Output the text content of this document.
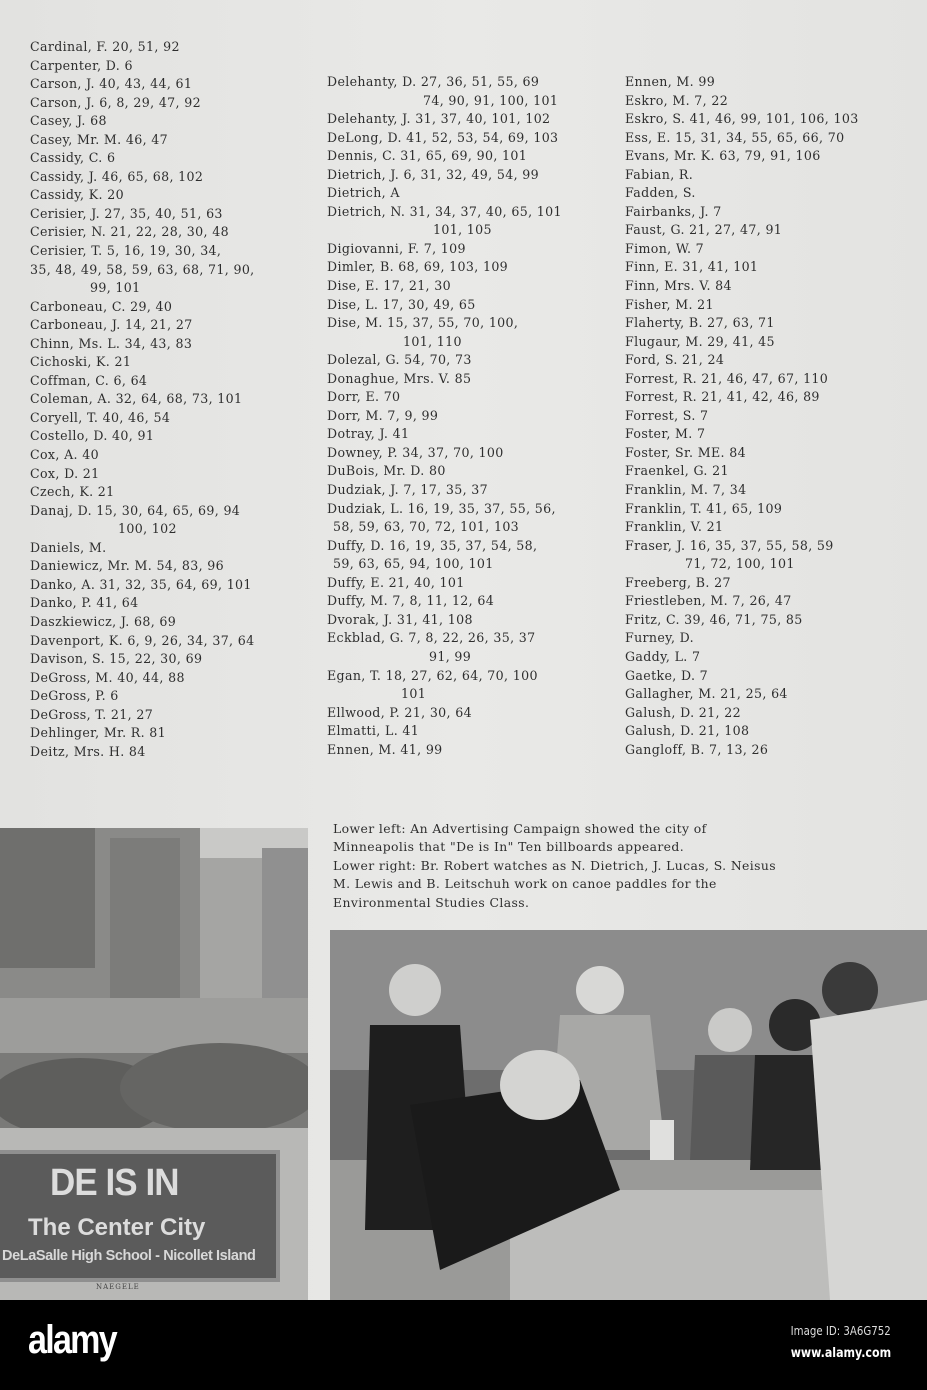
Cardinal, F. 20, 51, 92
Carpenter, D. 6
Carson, J. 40, 43, 44, 61
Carson, J. 6, 8, 29, 47, 92
Casey, J. 68
Casey, Mr. M. 46, 47
Cassidy, C. 6
Cassidy, J. 46, 65, 68, 102
Cassidy, K. 20
Cerisier, J. 27, 35, 40, 51, 63
Cerisier, N. 21, 22, 28, 30, 48
Cerisier, T. 5, 16, 19, 30, 34,
35, 48, 49, 58, 59, 63, 68, 71, 90,
99, 101
Carboneau, C. 29, 40
Carboneau, J. 14, 21, 27
Chinn, Ms. L. 34, 43, 83
Cichoski, K. 21
Coffman, C. 6, 64
Coleman, A. 32, 64, 68, 73, 101
Coryell, T. 40, 46, 54
Costello, D. 40, 91
Cox, A. 40
Cox, D. 21
Czech, K. 21
Danaj, D. 15, 30, 64, 65, 69, 94
100, 102
Daniels, M.
Daniewicz, Mr. M. 54, 83, 96
Danko, A. 31, 32, 35, 64, 69, 101
Danko, P. 41, 64
Daszkiewicz, J. 68, 69
Davenport, K. 6, 9, 26, 34, 37, 64
Davison, S. 15, 22, 30, 69
DeGross, M. 40, 44, 88
DeGross, P. 6
DeGross, T. 21, 27
Dehlinger, Mr. R. 81
Deitz, Mrs. H. 84
Delehanty, D. 27, 36, 51, 55, 69
74, 90, 91, 100, 101
Delehanty, J. 31, 37, 40, 101, 102
DeLong, D. 41, 52, 53, 54, 69, 103
Dennis, C. 31, 65, 69, 90, 101
Dietrich, J. 6, 31, 32, 49, 54, 99
Dietrich, A
Dietrich, N. 31, 34, 37, 40, 65, 101
101, 105
Digiovanni, F. 7, 109
Dimler, B. 68, 69, 103, 109
Dise, E. 17, 21, 30
Dise, L. 17, 30, 49, 65
Dise, M. 15, 37, 55, 70, 100,
101, 110
Dolezal, G. 54, 70, 73
Donaghue, Mrs. V. 85
Dorr, E. 70
Dorr, M. 7, 9, 99
Dotray, J. 41
Downey, P. 34, 37, 70, 100
DuBois, Mr. D. 80
Dudziak, J. 7, 17, 35, 37
Dudziak, L. 16, 19, 35, 37, 55, 56,
58, 59, 63, 70, 72, 101, 103
Duffy, D. 16, 19, 35, 37, 54, 58,
59, 63, 65, 94, 100, 101
Duffy, E. 21, 40, 101
Duffy, M. 7, 8, 11, 12, 64
Dvorak, J. 31, 41, 108
Eckblad, G. 7, 8, 22, 26, 35, 37
91, 99
Egan, T. 18, 27, 62, 64, 70, 100
101
Ellwood, P. 21, 30, 64
Elmatti, L. 41
Ennen, M. 41, 99
Ennen, M. 99
Eskro, M. 7, 22
Eskro, S. 41, 46, 99, 101, 106, 103
Ess, E. 15, 31, 34, 55, 65, 66, 70
Evans, Mr. K. 63, 79, 91, 106
Fabian, R.
Fadden, S.
Fairbanks, J. 7
Faust, G. 21, 27, 47, 91
Fimon, W. 7
Finn, E. 31, 41, 101
Finn, Mrs. V. 84
Fisher, M. 21
Flaherty, B. 27, 63, 71
Flugaur, M. 29, 41, 45
Ford, S. 21, 24
Forrest, R. 21, 46, 47, 67, 110
Forrest, R. 21, 41, 42, 46, 89
Forrest, S. 7
Foster, M. 7
Foster, Sr. ME. 84
Fraenkel, G. 21
Franklin, M. 7, 34
Franklin, T. 41, 65, 109
Franklin, V. 21
Fraser, J. 16, 35, 37, 55, 58, 59
71, 72, 100, 101
Freeberg, B. 27
Friestleben, M. 7, 26, 47
Fritz, C. 39, 46, 71, 75, 85
Furney, D.
Gaddy, L. 7
Gaetke, D. 7
Gallagher, M. 21, 25, 64
Galush, D. 21, 22
Galush, D. 21, 108
Gangloff, B. 7, 13, 26
Lower left: An Advertising Campaign showed the city of
Minneapolis that "De is In" Ten billboards appeared.
Lower right: Br. Robert watches as N. Dietrich, J. Lucas, S. Neisus
M. Lewis and B. Leitschuh work on canoe paddles for the
Environmental Studies Class.
DE IS IN
The Center City
DeLaSalle High School - Nicollet Island
NAEGELE
alamy	Image ID: 3A6G752
www.alamy.com
